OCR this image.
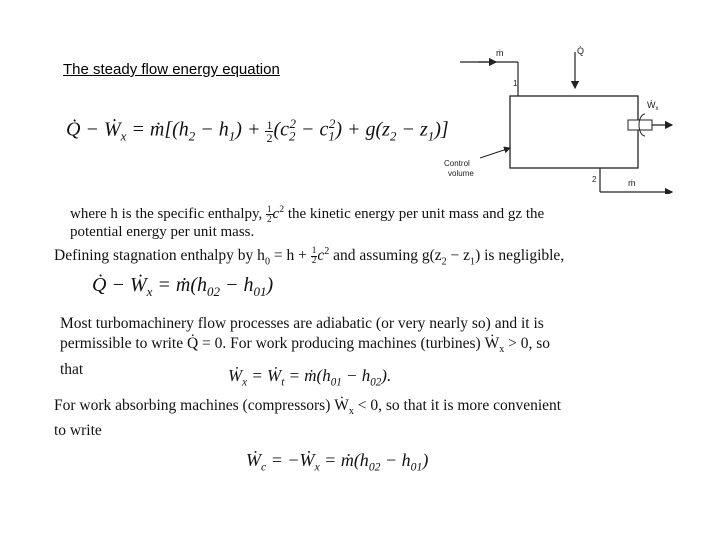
The steady flow energy equation
Q̇ − Ẇ$_x$ = $ṁ[(h_2 - h_1) + \frac{1}{2} (c_2^2 - c_1^2) + g(z_2 - z_1)]$
ṁ
1
Q̇
Ẇ$_x$
Control
volume
2	ṁ
where h is the specific enthalpy, $\frac{1}{2} c^2$ the kinetic energy per unit mass and gz the
potential energy per unit mass.
Defining stagnation enthalpy by $h_0 = h + \frac{1}{2} c^2$ and assuming $g(z_2 - z_1)$ is negligible,
Q̇ − Ẇ$_x$ = $ṁ(h_{02} - h_{01})$
Most turbomachinery flow processes are adiabatic (or very nearly so) and it is
permissible to write Q̇ = 0. For work producing machines (turbines) Ẇ$_x$ > 0, so
that	Ẇ$_x$ = Ẇ$_t$ = $ṁ(h_{01} - h_{02})$.
For work absorbing machines (compressors) Ẇ$_x$ < 0, so that it is more convenient
to write
Ẇ$_c$ = −Ẇ$_x$ = $ṁ(h_{02} - h_{01})$
